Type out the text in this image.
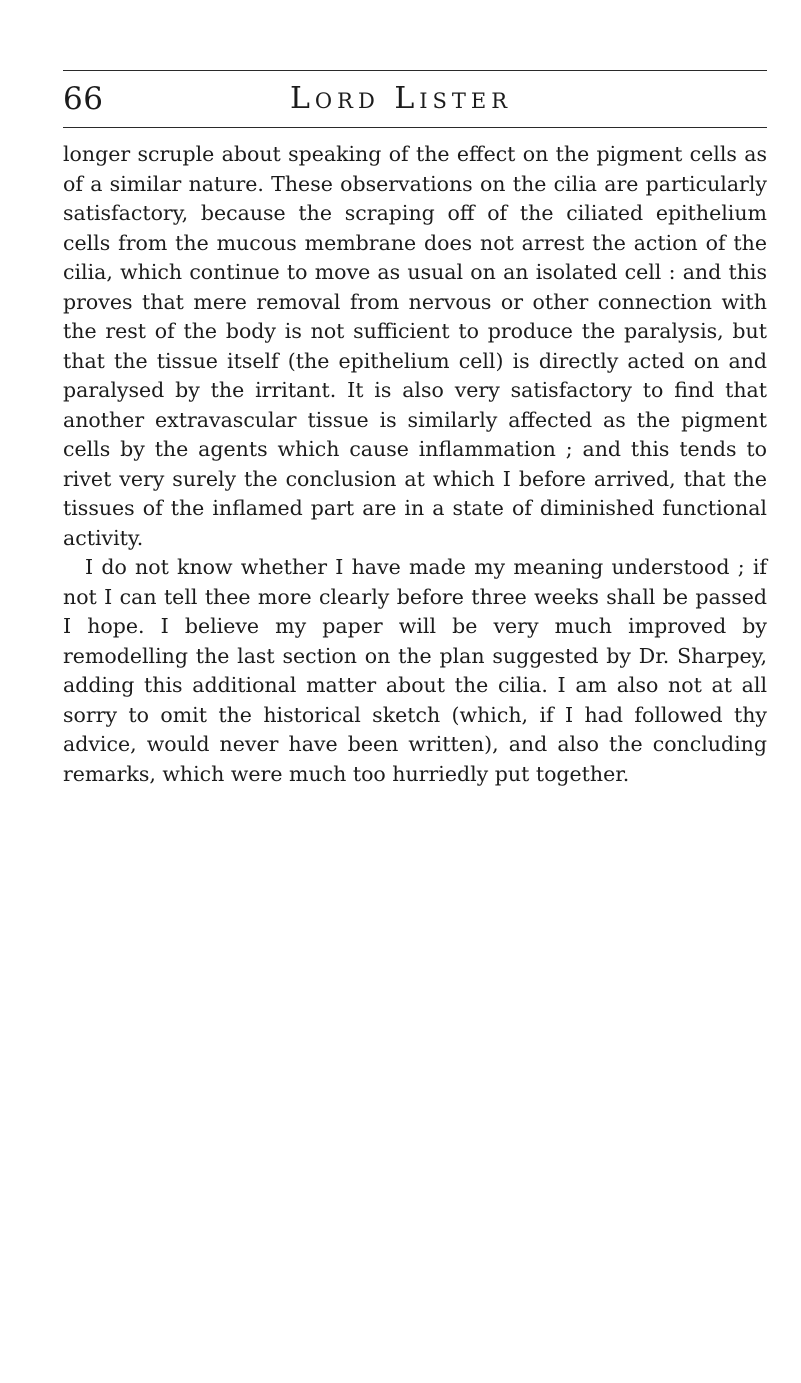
66	Lord Lister

longer scruple about speaking of the effect on the pigment cells as of a similar nature. These observations on the cilia are particularly satisfactory, because the scraping off of the ciliated epithelium cells from the mucous membrane does not arrest the action of the cilia, which continue to move as usual on an isolated cell : and this proves that mere removal from nervous or other connection with the rest of the body is not sufficient to produce the paralysis, but that the tissue itself (the epithelium cell) is directly acted on and paralysed by the irritant. It is also very satisfactory to find that another extravascular tissue is similarly affected as the pigment cells by the agents which cause inflammation ; and this tends to rivet very surely the conclusion at which I before arrived, that the tissues of the inflamed part are in a state of diminished functional activity.

I do not know whether I have made my meaning understood ; if not I can tell thee more clearly before three weeks shall be passed I hope. I believe my paper will be very much improved by remodelling the last section on the plan suggested by Dr. Sharpey, adding this additional matter about the cilia. I am also not at all sorry to omit the historical sketch (which, if I had followed thy advice, would never have been written), and also the concluding remarks, which were much too hurriedly put together.
